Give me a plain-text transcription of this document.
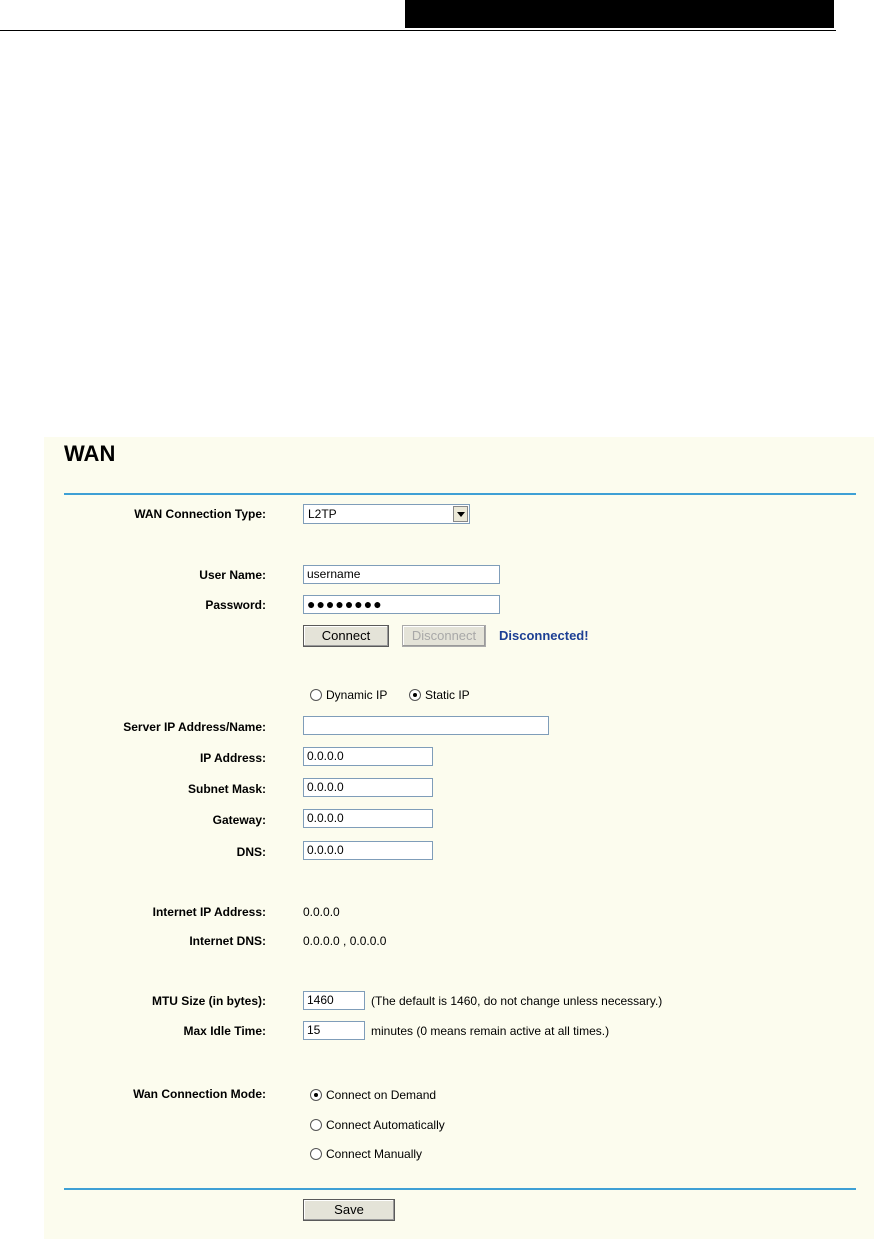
WAN
WAN Connection Type:	L2TP
User Name:	username
Password:	●●●●●●●●
Connect	Disconnect	Disconnected!
Dynamic IP	Static IP
Server IP Address/Name:
IP Address:	0.0.0.0
Subnet Mask:	0.0.0.0
Gateway:	0.0.0.0
DNS:	0.0.0.0
Internet IP Address:	0.0.0.0
Internet DNS:	0.0.0.0 , 0.0.0.0
MTU Size (in bytes):	1460	(The default is 1460, do not change unless necessary.)
Max Idle Time:	15	minutes (0 means remain active at all times.)
Wan Connection Mode:	Connect on Demand
Connect Automatically
Connect Manually
Save
